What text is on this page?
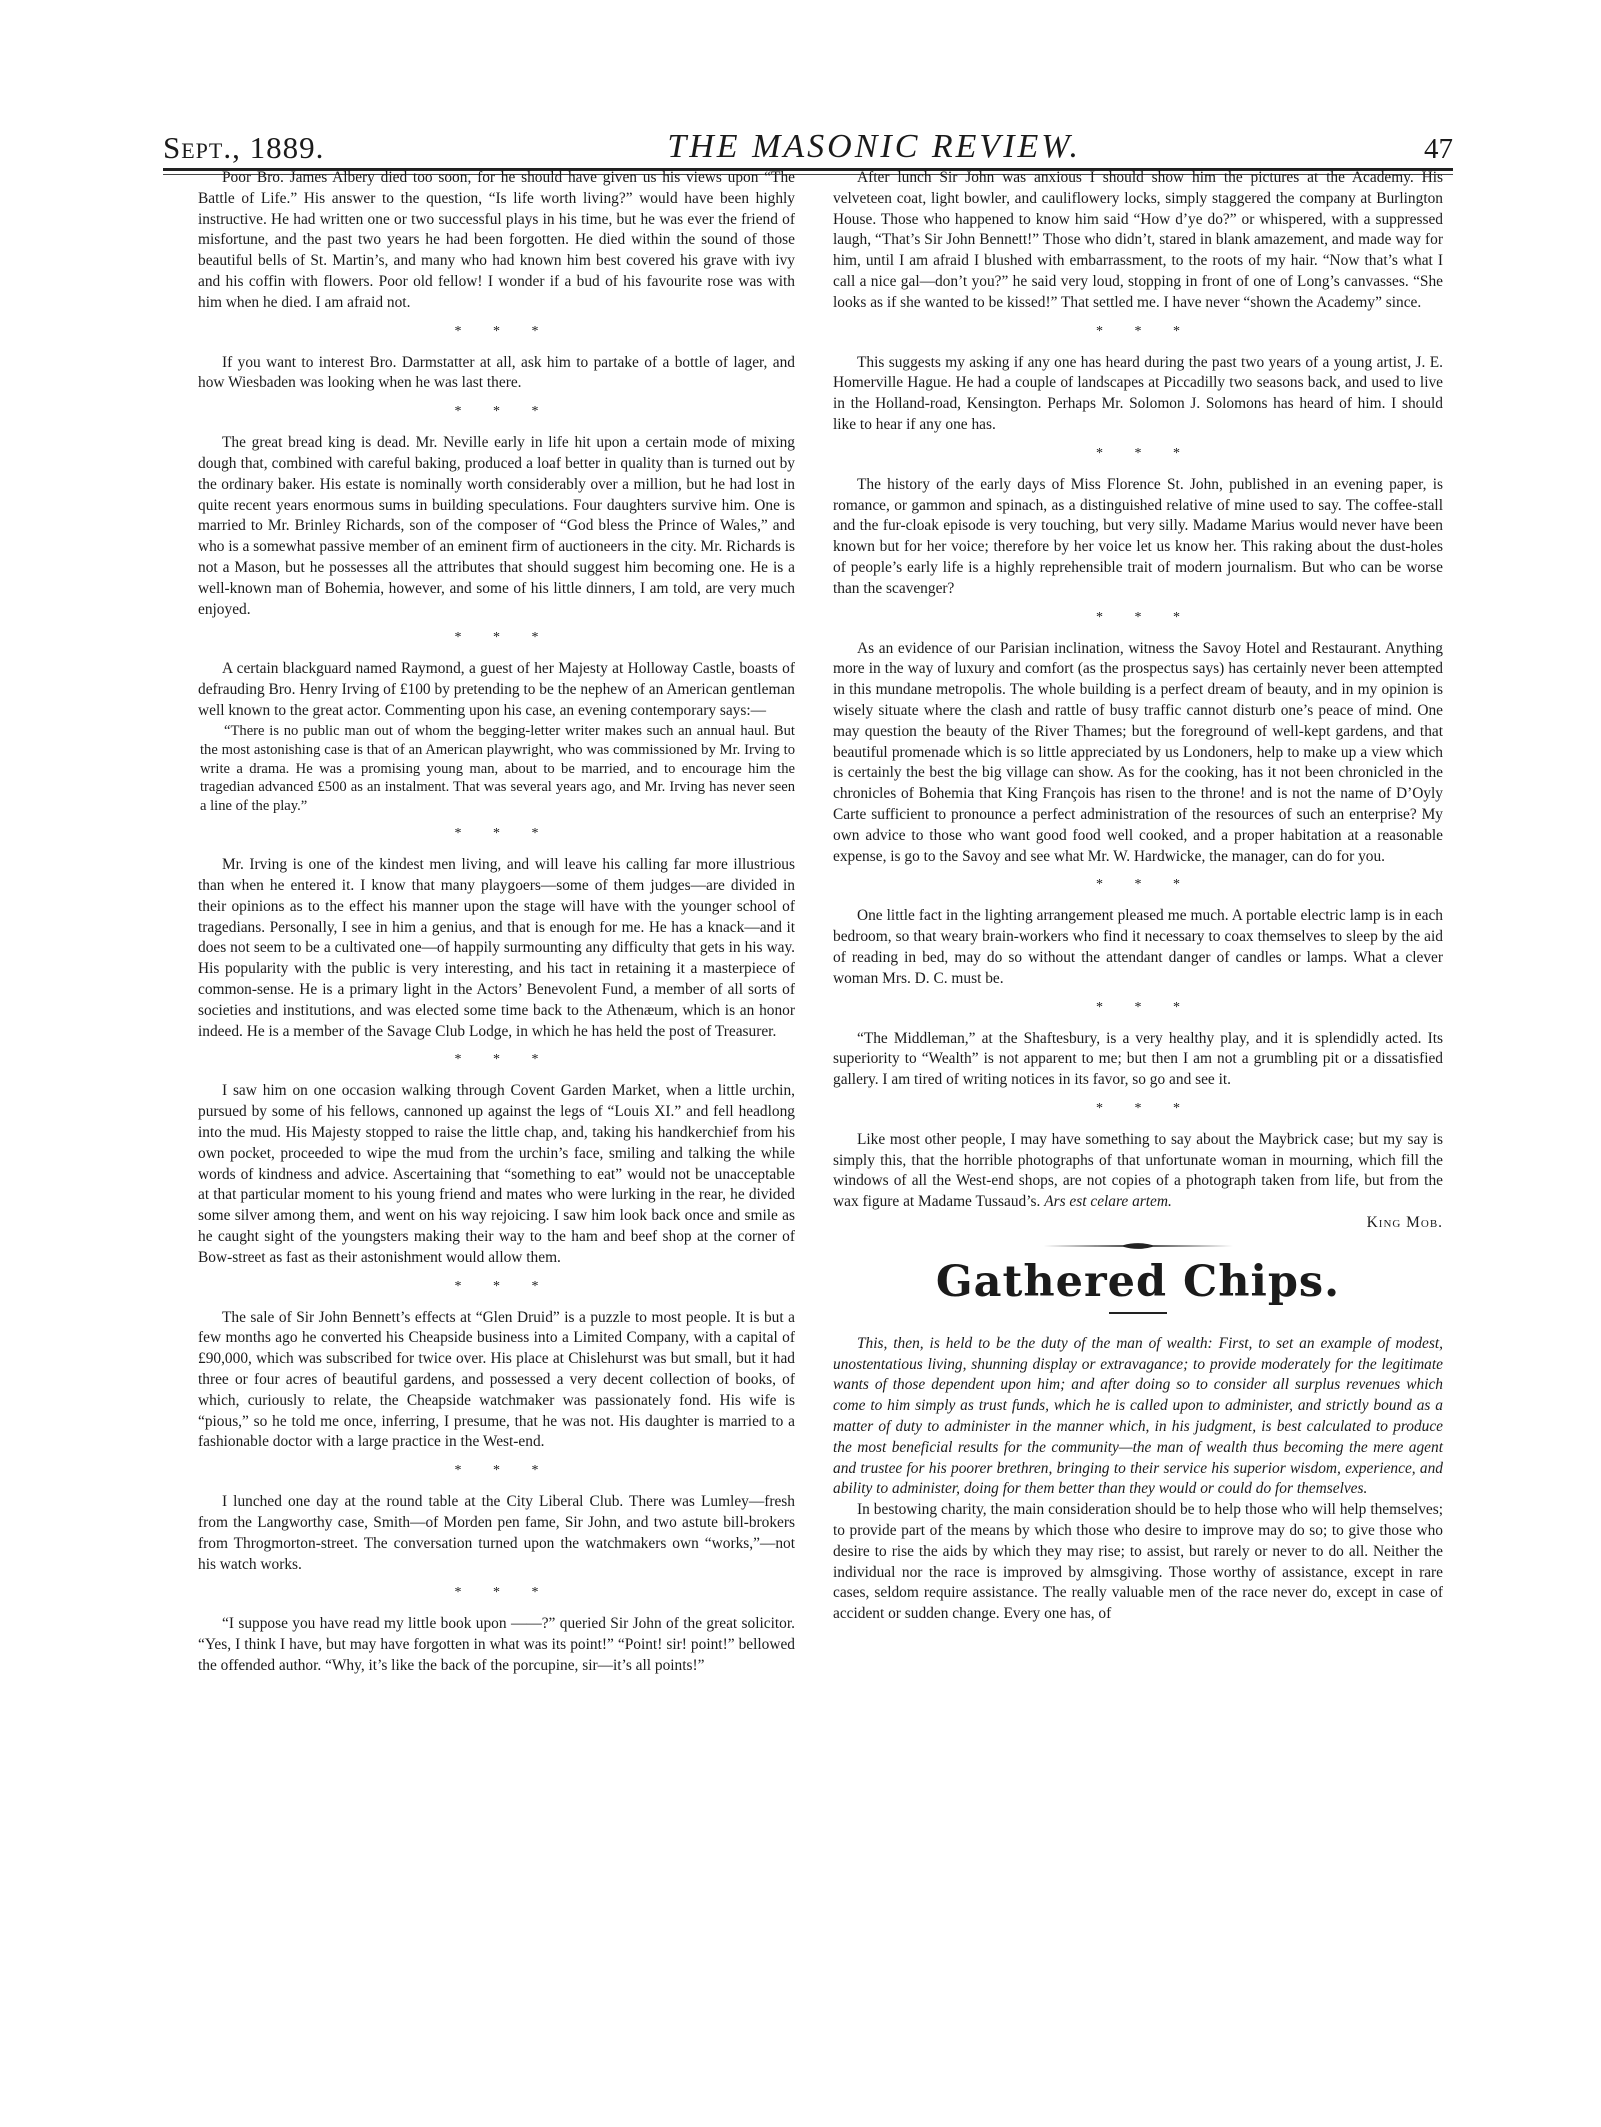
Sept., 1889.	THE MASONIC REVIEW.	47

Poor Bro. James Albery died too soon, for he should have given us his views upon “The Battle of Life.” His answer to the question, “Is life worth living?” would have been highly instructive. He had written one or two successful plays in his time, but he was ever the friend of misfortune, and the past two years he had been forgotten. He died within the sound of those beautiful bells of St. Martin’s, and many who had known him best covered his grave with ivy and his coffin with flowers. Poor old fellow! I wonder if a bud of his favourite rose was with him when he died. I am afraid not.

* * *

If you want to interest Bro. Darmstatter at all, ask him to partake of a bottle of lager, and how Wiesbaden was looking when he was last there.

* * *

The great bread king is dead. Mr. Neville early in life hit upon a certain mode of mixing dough that, combined with careful baking, produced a loaf better in quality than is turned out by the ordinary baker. His estate is nominally worth considerably over a million, but he had lost in quite recent years enormous sums in building speculations. Four daughters survive him. One is married to Mr. Brinley Richards, son of the composer of “God bless the Prince of Wales,” and who is a somewhat passive member of an eminent firm of auctioneers in the city. Mr. Richards is not a Mason, but he possesses all the attributes that should suggest him becoming one. He is a well-known man of Bohemia, however, and some of his little dinners, I am told, are very much enjoyed.

* * *

A certain blackguard named Raymond, a guest of her Majesty at Holloway Castle, boasts of defrauding Bro. Henry Irving of £100 by pretending to be the nephew of an American gentleman well known to the great actor. Commenting upon his case, an evening contemporary says:—

“There is no public man out of whom the begging-letter writer makes such an annual haul. But the most astonishing case is that of an American playwright, who was commissioned by Mr. Irving to write a drama. He was a promising young man, about to be married, and to encourage him the tragedian advanced £500 as an instalment. That was several years ago, and Mr. Irving has never seen a line of the play.”

* * *

Mr. Irving is one of the kindest men living, and will leave his calling far more illustrious than when he entered it. I know that many playgoers—some of them judges—are divided in their opinions as to the effect his manner upon the stage will have with the younger school of tragedians. Personally, I see in him a genius, and that is enough for me. He has a knack—and it does not seem to be a cultivated one—of happily surmounting any difficulty that gets in his way. His popularity with the public is very interesting, and his tact in retaining it a masterpiece of common-sense. He is a primary light in the Actors’ Benevolent Fund, a member of all sorts of societies and institutions, and was elected some time back to the Athenæum, which is an honor indeed. He is a member of the Savage Club Lodge, in which he has held the post of Treasurer.

* * *

I saw him on one occasion walking through Covent Garden Market, when a little urchin, pursued by some of his fellows, cannoned up against the legs of “Louis XI.” and fell headlong into the mud. His Majesty stopped to raise the little chap, and, taking his handkerchief from his own pocket, proceeded to wipe the mud from the urchin’s face, smiling and talking the while words of kindness and advice. Ascertaining that “something to eat” would not be unacceptable at that particular moment to his young friend and mates who were lurking in the rear, he divided some silver among them, and went on his way rejoicing. I saw him look back once and smile as he caught sight of the youngsters making their way to the ham and beef shop at the corner of Bow-street as fast as their astonishment would allow them.

* * *

The sale of Sir John Bennett’s effects at “Glen Druid” is a puzzle to most people. It is but a few months ago he converted his Cheapside business into a Limited Company, with a capital of £90,000, which was subscribed for twice over. His place at Chislehurst was but small, but it had three or four acres of beautiful gardens, and possessed a very decent collection of books, of which, curiously to relate, the Cheapside watchmaker was passionately fond. His wife is “pious,” so he told me once, inferring, I presume, that he was not. His daughter is married to a fashionable doctor with a large practice in the West-end.

* * *

I lunched one day at the round table at the City Liberal Club. There was Lumley—fresh from the Langworthy case, Smith—of Morden pen fame, Sir John, and two astute bill-brokers from Throgmorton-street. The conversation turned upon the watchmakers own “works,”—not his watch works.

* * *

“I suppose you have read my little book upon ——?” queried Sir John of the great solicitor. “Yes, I think I have, but may have forgotten in what was its point!” “Point! sir! point!” bellowed the offended author. “Why, it’s like the back of the porcupine, sir—it’s all points!”

After lunch Sir John was anxious I should show him the pictures at the Academy. His velveteen coat, light bowler, and cauliflowery locks, simply staggered the company at Burlington House. Those who happened to know him said “How d’ye do?” or whispered, with a suppressed laugh, “That’s Sir John Bennett!” Those who didn’t, stared in blank amazement, and made way for him, until I am afraid I blushed with embarrassment, to the roots of my hair. “Now that’s what I call a nice gal—don’t you?” he said very loud, stopping in front of one of Long’s canvasses. “She looks as if she wanted to be kissed!” That settled me. I have never “shown the Academy” since.

* * *

This suggests my asking if any one has heard during the past two years of a young artist, J. E. Homerville Hague. He had a couple of landscapes at Piccadilly two seasons back, and used to live in the Holland-road, Kensington. Perhaps Mr. Solomon J. Solomons has heard of him. I should like to hear if any one has.

* * *

The history of the early days of Miss Florence St. John, published in an evening paper, is romance, or gammon and spinach, as a distinguished relative of mine used to say. The coffee-stall and the fur-cloak episode is very touching, but very silly. Madame Marius would never have been known but for her voice; therefore by her voice let us know her. This raking about the dust-holes of people’s early life is a highly reprehensible trait of modern journalism. But who can be worse than the scavenger?

* * *

As an evidence of our Parisian inclination, witness the Savoy Hotel and Restaurant. Anything more in the way of luxury and comfort (as the prospectus says) has certainly never been attempted in this mundane metropolis. The whole building is a perfect dream of beauty, and in my opinion is wisely situate where the clash and rattle of busy traffic cannot disturb one’s peace of mind. One may question the beauty of the River Thames; but the foreground of well-kept gardens, and that beautiful promenade which is so little appreciated by us Londoners, help to make up a view which is certainly the best the big village can show. As for the cooking, has it not been chronicled in the chronicles of Bohemia that King François has risen to the throne! and is not the name of D’Oyly Carte sufficient to pronounce a perfect administration of the resources of such an enterprise? My own advice to those who want good food well cooked, and a proper habitation at a reasonable expense, is go to the Savoy and see what Mr. W. Hardwicke, the manager, can do for you.

* * *

One little fact in the lighting arrangement pleased me much. A portable electric lamp is in each bedroom, so that weary brain-workers who find it necessary to coax themselves to sleep by the aid of reading in bed, may do so without the attendant danger of candles or lamps. What a clever woman Mrs. D. C. must be.

* * *

“The Middleman,” at the Shaftesbury, is a very healthy play, and it is splendidly acted. Its superiority to “Wealth” is not apparent to me; but then I am not a grumbling pit or a dissatisfied gallery. I am tired of writing notices in its favor, so go and see it.

* * *

Like most other people, I may have something to say about the Maybrick case; but my say is simply this, that the horrible photographs of that unfortunate woman in mourning, which fill the windows of all the West-end shops, are not copies of a photograph taken from life, but from the wax figure at Madame Tussaud’s. Ars est celare artem.

King Mob.

Gathered Chips.

This, then, is held to be the duty of the man of wealth: First, to set an example of modest, unostentatious living, shunning display or extravagance; to provide moderately for the legitimate wants of those dependent upon him; and after doing so to consider all surplus revenues which come to him simply as trust funds, which he is called upon to administer, and strictly bound as a matter of duty to administer in the manner which, in his judgment, is best calculated to produce the most beneficial results for the community—the man of wealth thus becoming the mere agent and trustee for his poorer brethren, bringing to their service his superior wisdom, experience, and ability to administer, doing for them better than they would or could do for themselves.

In bestowing charity, the main consideration should be to help those who will help themselves; to provide part of the means by which those who desire to improve may do so; to give those who desire to rise the aids by which they may rise; to assist, but rarely or never to do all. Neither the individual nor the race is improved by almsgiving. Those worthy of assistance, except in rare cases, seldom require assistance. The really valuable men of the race never do, except in case of accident or sudden change. Every one has, of
